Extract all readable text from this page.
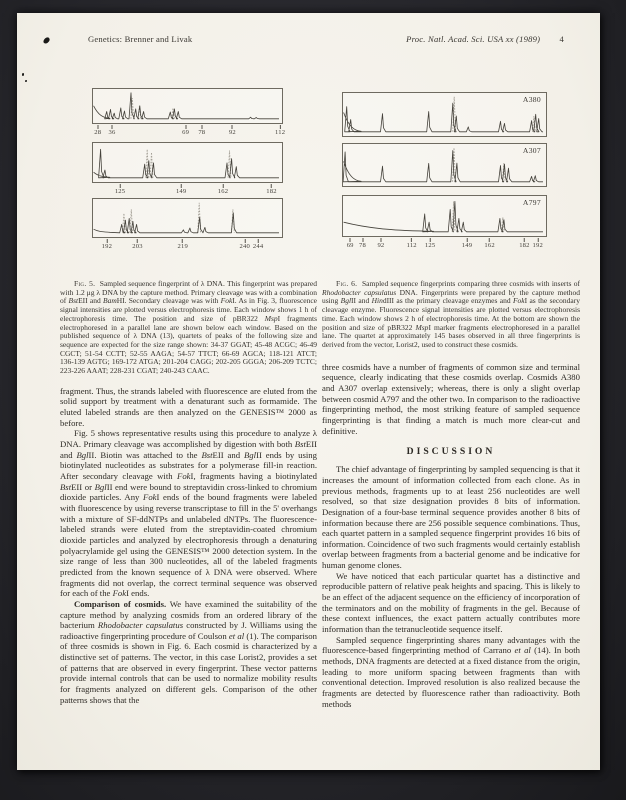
Genetics: Brenner and Livak	Proc. Natl. Acad. Sci. USA xx (1989) 4
28 36	69 78	92	112
125	149	162	182
192	203	219	240 244
A380
A307
A797
69 78 92	112 125	149 162	182 192

Fig. 5. Sampled sequence fingerprint of λ DNA. This fingerprint was prepared with 1.2 μg λ DNA by the capture method. Primary cleavage was with a combination of BstEII and BamHI. Secondary cleavage was with FokI. As in Fig. 3, fluorescence signal intensities are plotted versus electrophoresis time. Each window shows 1 h of electrophoresis time. The position and size of pBR322 MspI fragments electrophoresed in a parallel lane are shown below each window. Based on the published sequence of λ DNA (13), quartets of peaks of the following size and sequence are expected for the size range shown: 34-37 GGAT; 45-48 ACGC; 46-49 CGCT; 51-54 CCTT; 52-55 AAGA; 54-57 TTCT; 66-69 AGCA; 118-121 ATCT; 136-139 AGTG; 169-172 ATGA; 201-204 CAGG; 202-205 GGGA; 206-209 TCTC; 223-226 AAAT; 228-231 CGAT; 240-243 CAAC.

fragment. Thus, the strands labeled with fluorescence are eluted from the solid support by treatment with a denaturant such as formamide. The eluted labeled strands are then analyzed on the GENESIS™ 2000 as before.

Fig. 5 shows representative results using this procedure to analyze λ DNA. Primary cleavage was accomplished by digestion with both BstEII and BglII. Biotin was attached to the BstEII and BglII ends by using biotinylated nucleotides as substrates for a polymerase fill-in reaction. After secondary cleavage with FokI, fragments having a biotinylated BstEII or BglII end were bound to streptavidin cross-linked to chromium dioxide particles. Any FokI ends of the bound fragments were labeled with fluorescence by using reverse transcriptase to fill in the 5' overhangs with a mixture of SF-ddNTPs and unlabeled dNTPs. The fluorescence-labeled strands were eluted from the streptavidin-coated chromium dioxide particles and analyzed by electrophoresis through a denaturing polyacrylamide gel using the GENESIS™ 2000 detection system. In the size range of less than 300 nucleotides, all of the labeled fragments predicted from the known sequence of λ DNA were observed. Where fragments did not overlap, the correct terminal sequence was observed for each of the FokI ends.

Comparison of cosmids. We have examined the suitability of the capture method by analyzing cosmids from an ordered library of the bacterium Rhodobacter capsulatus constructed by J. Williams using the radioactive fingerprinting procedure of Coulson et al (1). The comparison of three cosmids is shown in Fig. 6. Each cosmid is characterized by a distinctive set of patterns. The vector, in this case Lorist2, provides a set of patterns that are observed in every fingerprint. These vector patterns provide internal controls that can be used to normalize mobility results for fragments analyzed on different gels. Comparison of the other patterns shows that the

Fig. 6. Sampled sequence fingerprints comparing three cosmids with inserts of Rhodobacter capsulatus DNA. Fingerprints were prepared by the capture method using BglII and HindIII as the primary cleavage enzymes and FokI as the secondary cleavage enzyme. Fluorescence signal intensities are plotted versus electrophoresis time. Each window shows 2 h of electrophoresis time. At the bottom are shown the position and size of pBR322 MspI marker fragments electrophoresed in a parallel lane. The quartet at approximately 145 bases observed in all three fingerprints is derived from the vector, Lorist2, used to construct these cosmids.

three cosmids have a number of fragments of common size and terminal sequence, clearly indicating that these cosmids overlap. Cosmids A380 and A307 overlap extensively; whereas, there is only a slight overlap between cosmid A797 and the other two. In comparison to the radioactive fingerprinting method, the most striking feature of sampled sequence fingerprinting is that finding a match is much more clear-cut and definitive.

DISCUSSION

The chief advantage of fingerprinting by sampled sequencing is that it increases the amount of information collected from each clone. As in previous methods, fragments up to at least 256 nucleotides are well resolved, so that size designation provides 8 bits of information. Designation of a four-base terminal sequence provides another 8 bits of information because there are 256 possible sequence combinations. Thus, each quartet pattern in a sampled sequence fingerprint provides 16 bits of information. Coincidence of two such fragments would certainly establish overlap between fragments from a bacterial genome and be indicative for human genome clones.

We have noticed that each particular quartet has a distinctive and reproducible pattern of relative peak heights and spacing. This is likely to be an effect of the adjacent sequence on the efficiency of incorporation of the terminators and on the mobility of fragments in the gel. Because of these context influences, the exact pattern actually contributes more information than the tetranucleotide sequence itself.

Sampled sequence fingerprinting shares many advantages with the fluorescence-based fingerprinting method of Carrano et al (14). In both methods, DNA fragments are detected at a fixed distance from the origin, leading to more uniform spacing between fragments than with conventional detection. Improved resolution is also realized because the fragments are detected by fluorescence rather than radioactivity. Both methods
